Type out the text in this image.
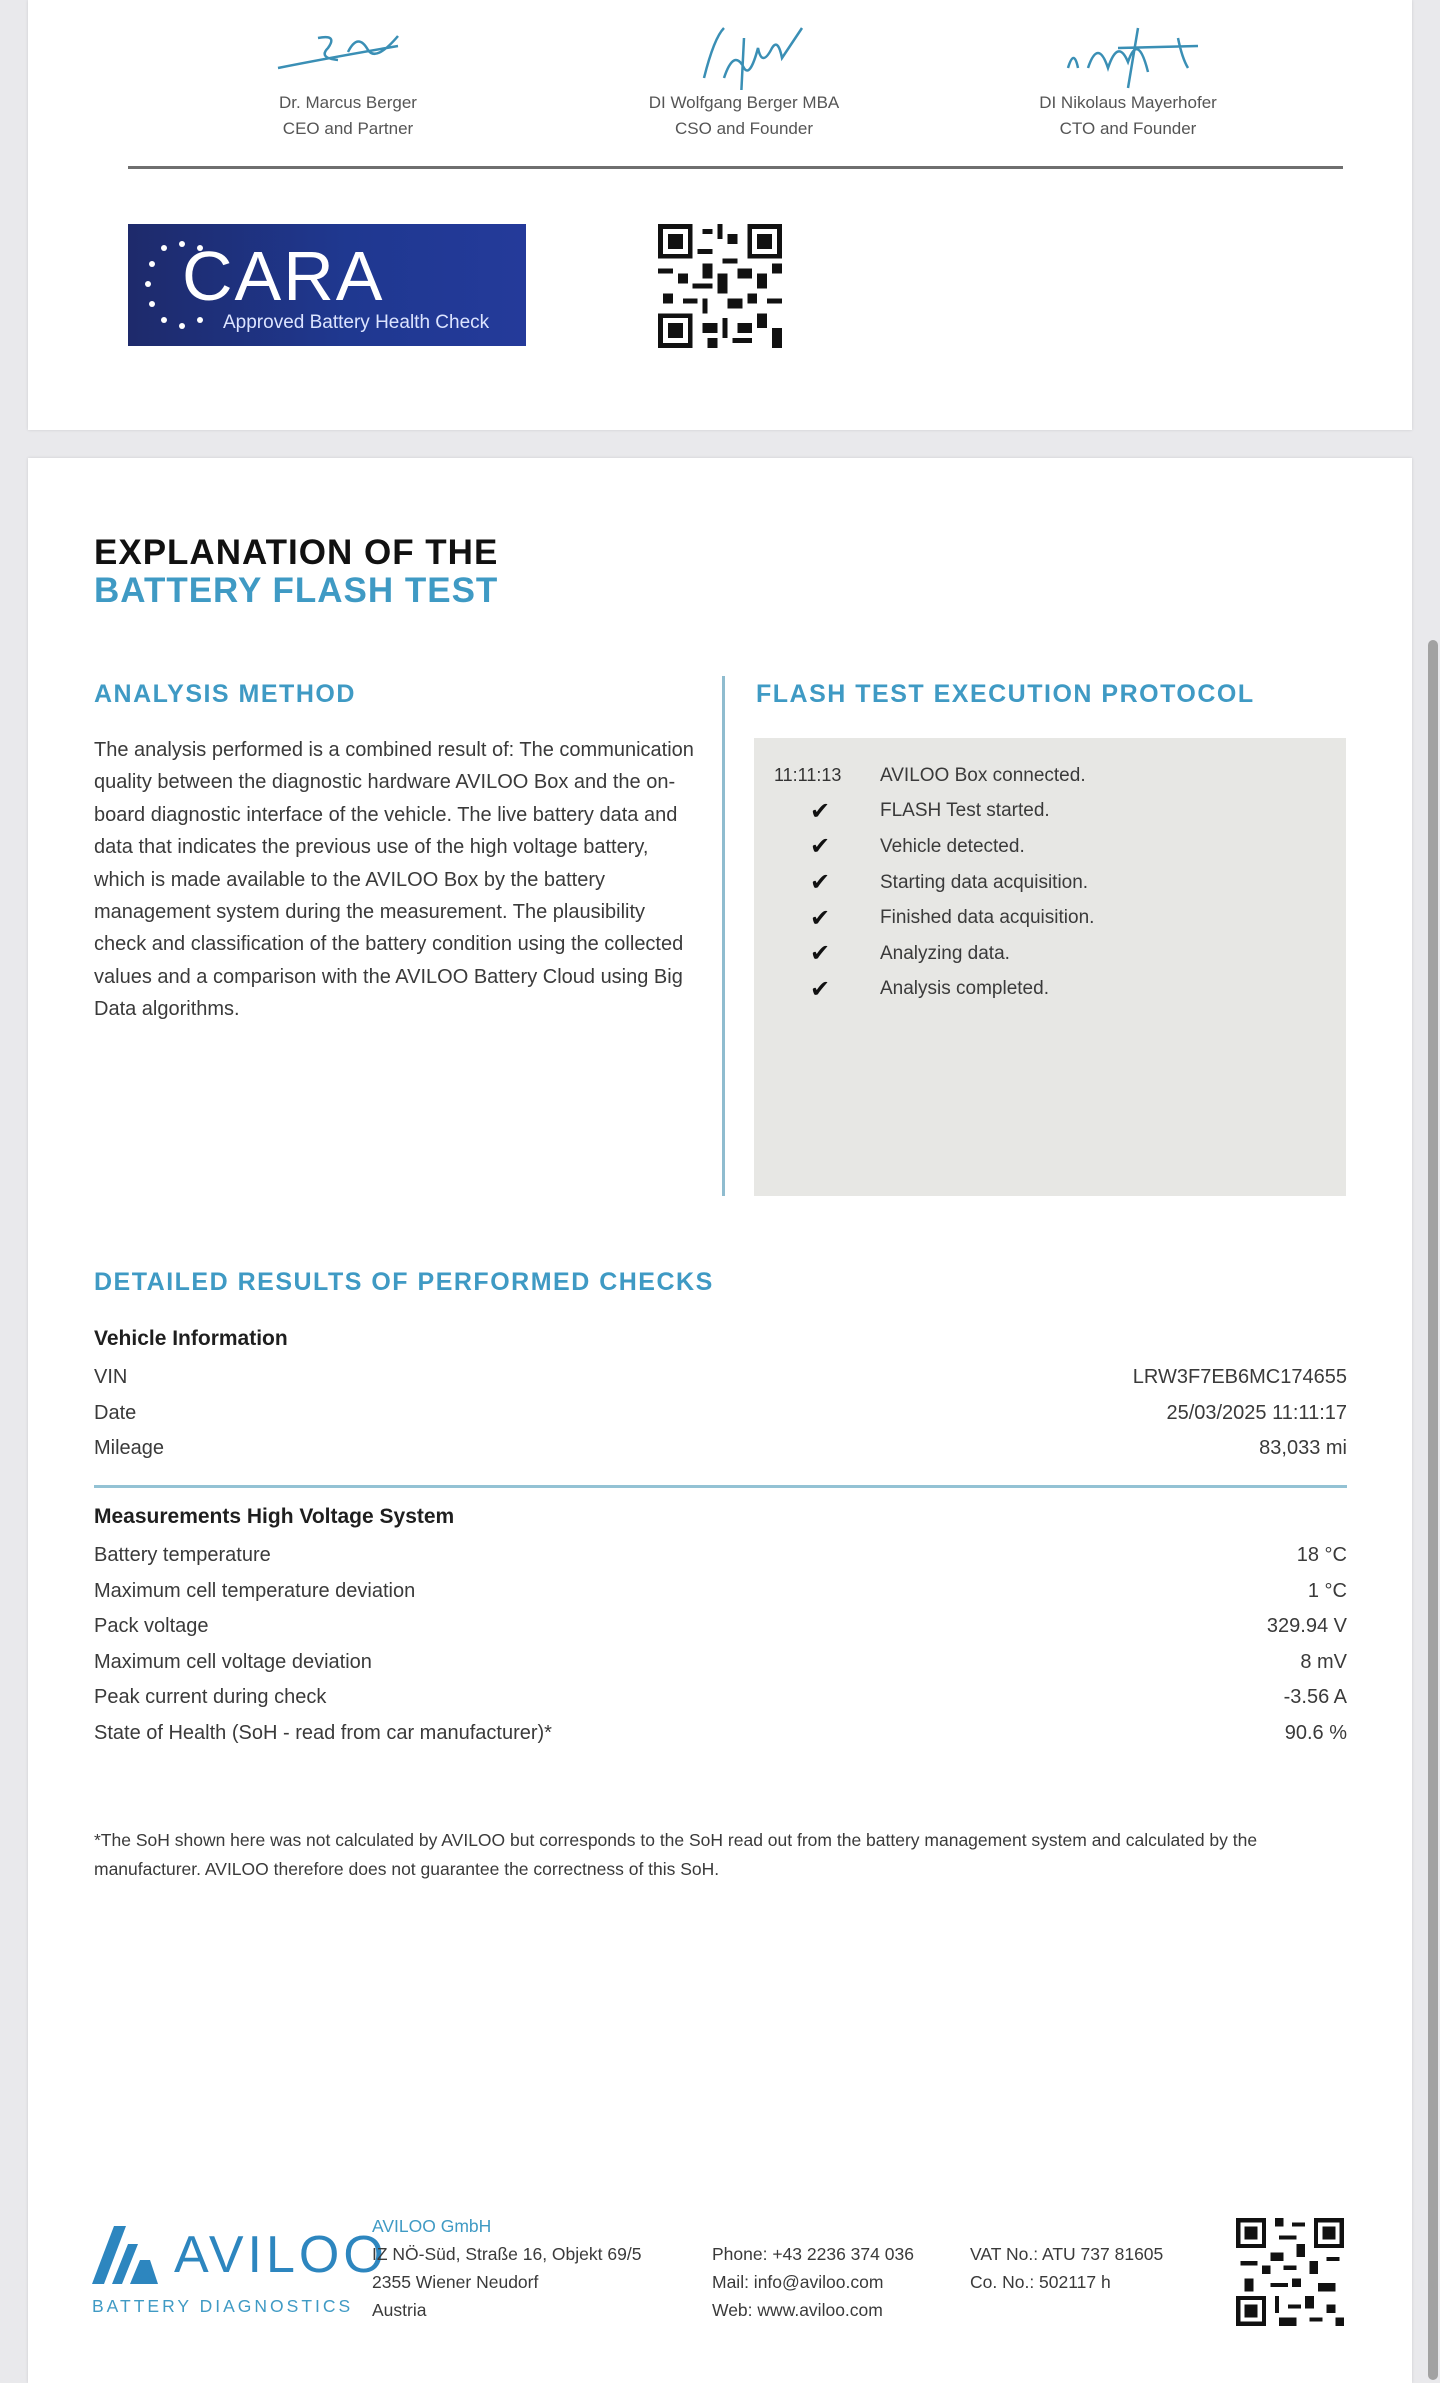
Dr. Marcus Berger
CEO and Partner
DI Wolfgang Berger MBA
CSO and Founder
DI Nikolaus Mayerhofer
CTO and Founder
CARA
Approved Battery Health Check
EXPLANATION OF THE
BATTERY FLASH TEST
ANALYSIS METHOD
The analysis performed is a combined result of: The communication quality between the diagnostic hardware AVILOO Box and the on-board diagnostic interface of the vehicle. The live battery data and data that indicates the previous use of the high voltage battery, which is made available to the AVILOO Box by the battery management system during the measurement. The plausibility check and classification of the battery condition using the collected values and a comparison with the AVILOO Battery Cloud using Big Data algorithms.
FLASH TEST EXECUTION PROTOCOL
11:11:13	AVILOO Box connected.
✔	FLASH Test started.
✔	Vehicle detected.
✔	Starting data acquisition.
✔	Finished data acquisition.
✔	Analyzing data.
✔	Analysis completed.
DETAILED RESULTS OF PERFORMED CHECKS
Vehicle Information
VIN	LRW3F7EB6MC174655
Date	25/03/2025 11:11:17
Mileage	83,033 mi
Measurements High Voltage System
Battery temperature	18 °C
Maximum cell temperature deviation	1 °C
Pack voltage	329.94 V
Maximum cell voltage deviation	8 mV
Peak current during check	-3.56 A
State of Health (SoH - read from car manufacturer)*	90.6 %
*The SoH shown here was not calculated by AVILOO but corresponds to the SoH read out from the battery management system and calculated by the manufacturer. AVILOO therefore does not guarantee the correctness of this SoH.
AVILOO
BATTERY DIAGNOSTICS
AVILOO GmbH
IZ NÖ-Süd, Straße 16, Objekt 69/5
2355 Wiener Neudorf
Austria
Phone: +43 2236 374 036
Mail: info@aviloo.com
Web: www.aviloo.com
VAT No.: ATU 737 81605
Co. No.: 502117 h
